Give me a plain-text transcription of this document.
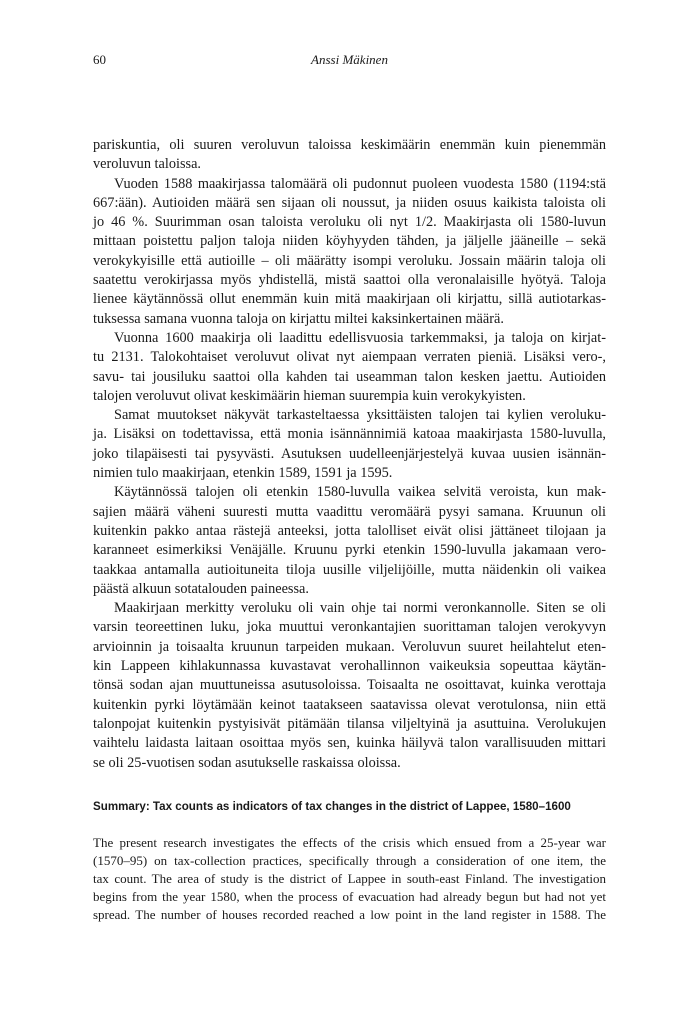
60	Anssi Mäkinen
pariskuntia, oli suuren veroluvun taloissa keskimäärin enemmän kuin pienemmän
veroluvun taloissa.
Vuoden 1588 maakirjassa talomäärä oli pudonnut puoleen vuodesta 1580 (1194:stä
667:ään). Autioiden määrä sen sijaan oli noussut, ja niiden osuus kaikista taloista oli
jo 46 %. Suurimman osan taloista veroluku oli nyt 1/2. Maakirjasta oli 1580-luvun
mittaan poistettu paljon taloja niiden köyhyyden tähden, ja jäljelle jääneille – sekä
verokykyisille että autioille – oli määrätty isompi veroluku. Jossain määrin taloja oli
saatettu verokirjassa myös yhdistellä, mistä saattoi olla veronalaisille hyötyä. Taloja
lienee käytännössä ollut enemmän kuin mitä maakirjaan oli kirjattu, sillä autiotarkas-
tuksessa samana vuonna taloja on kirjattu miltei kaksinkertainen määrä.
Vuonna 1600 maakirja oli laadittu edellisvuosia tarkemmaksi, ja taloja on kirjat-
tu 2131. Talokohtaiset veroluvut olivat nyt aiempaan verraten pieniä. Lisäksi vero-,
savu- tai jousiluku saattoi olla kahden tai useamman talon kesken jaettu. Autioiden
talojen veroluvut olivat keskimäärin hieman suurempia kuin verokykyisten.
Samat muutokset näkyvät tarkasteltaessa yksittäisten talojen tai kylien veroluku-
ja. Lisäksi on todettavissa, että monia isännännimiä katoaa maakirjasta 1580-luvulla,
joko tilapäisesti tai pysyvästi. Asutuksen uudelleenjärjestelyä kuvaa uusien isännän-
nimien tulo maakirjaan, etenkin 1589, 1591 ja 1595.
Käytännössä talojen oli etenkin 1580-luvulla vaikea selvitä veroista, kun mak-
sajien määrä väheni suuresti mutta vaadittu veromäärä pysyi samana. Kruunun oli
kuitenkin pakko antaa rästejä anteeksi, jotta talolliset eivät olisi jättäneet tilojaan ja
karanneet esimerkiksi Venäjälle. Kruunu pyrki etenkin 1590-luvulla jakamaan vero-
taakkaa antamalla autioituneita tiloja uusille viljelijöille, mutta näidenkin oli vaikea
päästä alkuun sotatalouden paineessa.
Maakirjaan merkitty veroluku oli vain ohje tai normi veronkannolle. Siten se oli
varsin teoreettinen luku, joka muuttui veronkantajien suorittaman talojen verokyvyn
arvioinnin ja toisaalta kruunun tarpeiden mukaan. Veroluvun suuret heilahtelut eten-
kin Lappeen kihlakunnassa kuvastavat verohallinnon vaikeuksia sopeuttaa käytän-
tönsä sodan ajan muuttuneissa asutusoloissa. Toisaalta ne osoittavat, kuinka verottaja
kuitenkin pyrki löytämään keinot taatakseen saatavissa olevat verotulonsa, niin että
talonpojat kuitenkin pystyisivät pitämään tilansa viljeltyinä ja asuttuina. Verolukujen
vaihtelu laidasta laitaan osoittaa myös sen, kuinka häilyvä talon varallisuuden mittari
se oli 25-vuotisen sodan asutukselle raskaissa oloissa.
Summary: Tax counts as indicators of tax changes in the district of Lappee, 1580–1600
The present research investigates the effects of the crisis which ensued from a 25-year war
(1570–95) on tax-collection practices, specifically through a consideration of one item, the
tax count. The area of study is the district of Lappee in south-east Finland. The investigation
begins from the year 1580, when the process of evacuation had already begun but had not yet
spread. The number of houses recorded reached a low point in the land register in 1588. The
